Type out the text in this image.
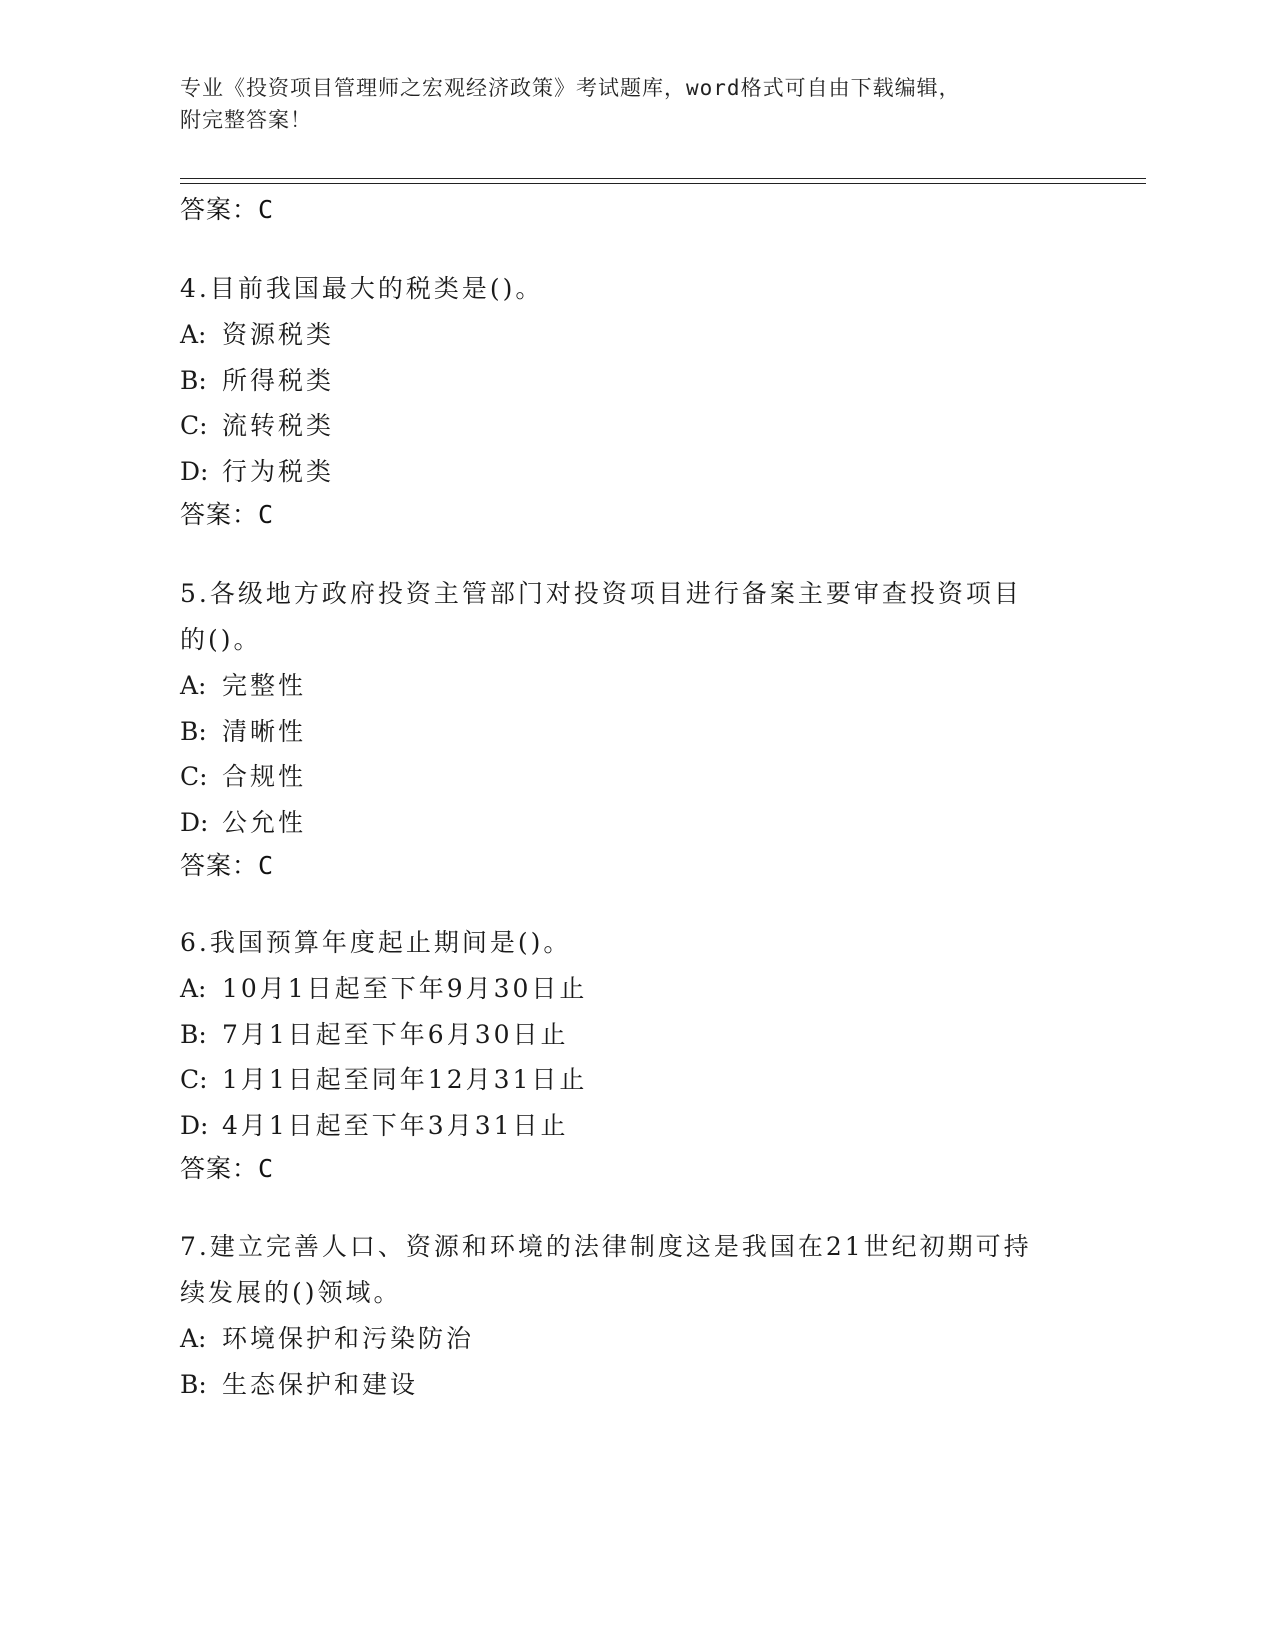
专业《投资项目管理师之宏观经济政策》考试题库，word格式可自由下载编辑，
附完整答案！
答案：C

4.目前我国最大的税类是()。

A: 资源税类

B: 所得税类

C: 流转税类

D: 行为税类

答案：C

5.各级地方政府投资主管部门对投资项目进行备案主要审查投资项目

的()。

A: 完整性

B: 清晰性

C: 合规性

D: 公允性

答案：C

6.我国预算年度起止期间是()。

A: 10月1日起至下年9月30日止

B: 7月1日起至下年6月30日止

C: 1月1日起至同年12月31日止

D: 4月1日起至下年3月31日止

答案：C

7.建立完善人口、资源和环境的法律制度这是我国在21世纪初期可持

续发展的()领域。

A: 环境保护和污染防治

B: 生态保护和建设
